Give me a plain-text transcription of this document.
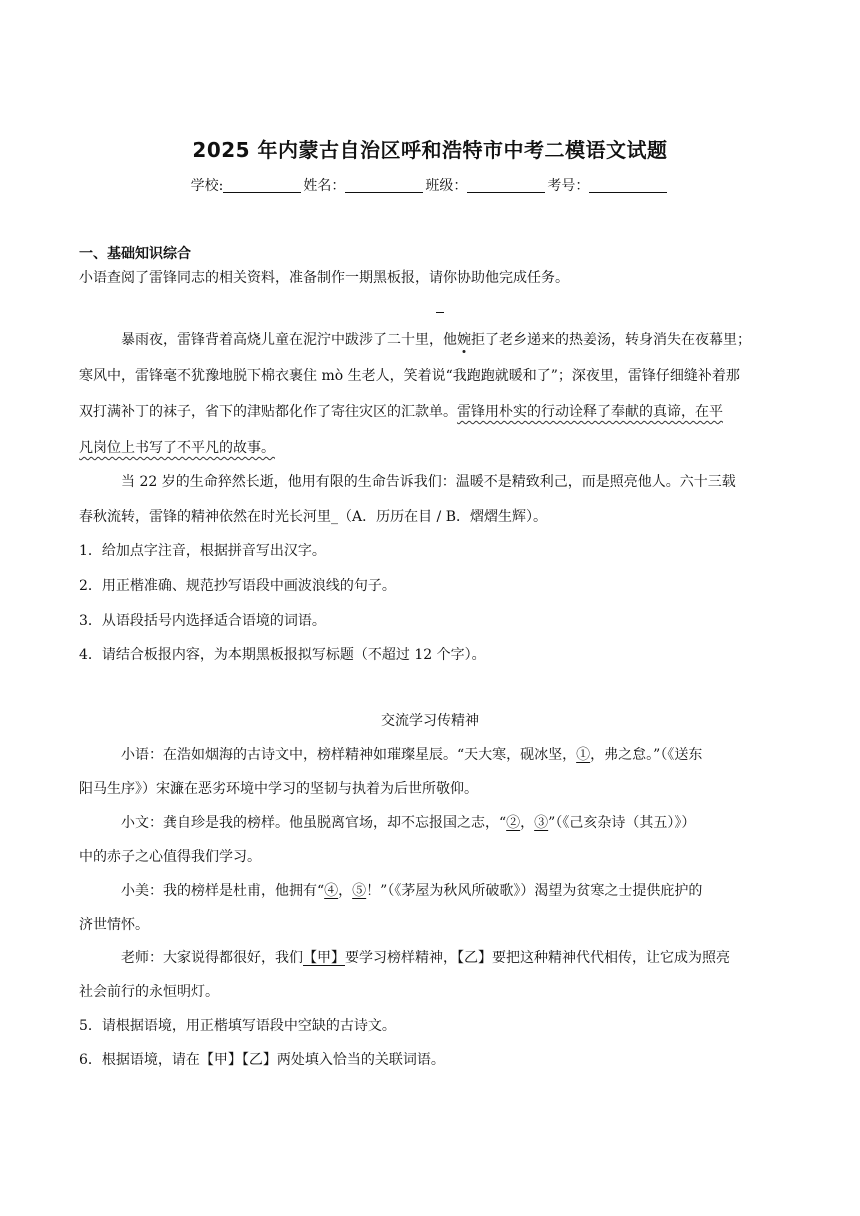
2025 年内蒙古自治区呼和浩特市中考二模语文试题
学校:	姓名：	班级：	考号：
一、基础知识综合
小语查阅了雷锋同志的相关资料，准备制作一期黑板报，请你协助他完成任务。
暴雨夜，雷锋背着高烧儿童在泥泞中跋涉了二十里，他婉拒了老乡递来的热姜汤，转身消失在夜幕里；
寒风中，雷锋毫不犹豫地脱下棉衣裹住 mò 生老人，笑着说“我跑跑就暖和了”；深夜里，雷锋仔细缝补着那
双打满补丁的袜子，省下的津贴都化作了寄往灾区的汇款单。雷锋用朴实的行动诠释了奉献的真谛，在平
凡岗位上书写了不平凡的故事。
当 22 岁的生命猝然长逝，他用有限的生命告诉我们：温暖不是精致利己，而是照亮他人。六十三载
春秋流转，雷锋的精神依然在时光长河里_（A．历历在目 / B．熠熠生辉）。
1．给加点字注音，根据拼音写出汉字。
2．用正楷准确、规范抄写语段中画波浪线的句子。
3．从语段括号内选择适合语境的词语。
4．请结合板报内容，为本期黑板报拟写标题（不超过 12 个字）。
交流学习传精神
小语：在浩如烟海的古诗文中，榜样精神如璀璨星辰。“天大寒，砚冰坚，①，弗之怠。”（《送东
阳马生序》）宋濂在恶劣环境中学习的坚韧与执着为后世所敬仰。
小文：龚自珍是我的榜样。他虽脱离官场，却不忘报国之志，“②，③”（《己亥杂诗（其五）》）
中的赤子之心值得我们学习。
小美：我的榜样是杜甫，他拥有“④，⑤！”（《茅屋为秋风所破歌》）渴望为贫寒之士提供庇护的
济世情怀。
老师：大家说得都很好，我们【甲】要学习榜样精神，【乙】要把这种精神代代相传，让它成为照亮
社会前行的永恒明灯。
5．请根据语境，用正楷填写语段中空缺的古诗文。
6．根据语境，请在【甲】【乙】两处填入恰当的关联词语。
